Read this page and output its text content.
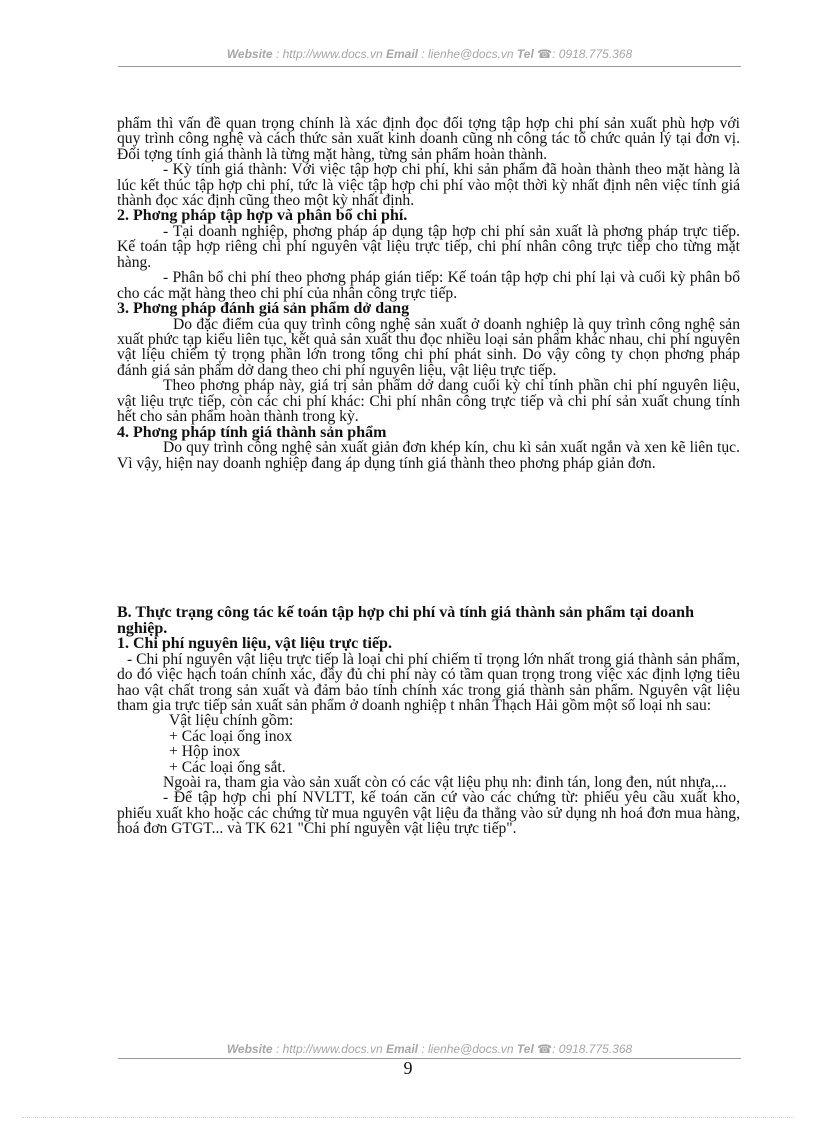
Website : http://www.docs.vn Email : lienhe@docs.vn Tel ☎: 0918.775.368

phẩm thì vấn đề quan trọng chính là xác định đọc đối tợng tập hợp chi phí sản xuất phù hợp với quy trình công nghệ và cách thức sản xuất kinh doanh cũng nh công tác tổ chức quản lý tại đơn vị. Đối tợng tính giá thành là từng mặt hàng, từng sản phẩm hoàn thành.

- Kỳ tính giá thành: Với việc tập hợp chi phí, khi sản phẩm đã hoàn thành theo mặt hàng là lúc kết thúc tập hợp chi phí, tức là việc tập hợp chi phí vào một thời kỳ nhất định nên việc tính giá thành đọc xác định cũng theo một kỳ nhất định.

2. Phơng pháp tập hợp và phân bổ chi phí.

- Tại doanh nghiệp, phơng pháp áp dụng tập hợp chi phí sản xuất là phơng pháp trực tiếp. Kế toán tập hợp riêng chi phí nguyên vật liệu trực tiếp, chi phí nhân công trực tiếp cho từng mặt hàng.

- Phân bổ chi phí theo phơng pháp gián tiếp: Kế toán tập hợp chi phí lại và cuối kỳ phân bổ cho các mặt hàng theo chi phí của nhân công trực tiếp.

3. Phơng pháp đánh giá sản phẩm dở dang

Do đặc điểm của quy trình công nghệ sản xuất ở doanh nghiệp là quy trình công nghệ sản xuất phức tạp kiểu liên tục, kết quả sản xuất thu đọc nhiều loại sản phẩm khác nhau, chi phí nguyên vật liệu chiếm tỷ trọng phần lớn trong tổng chi phí phát sinh. Do vậy công ty chọn phơng pháp đánh giá sản phẩm dở dang theo chi phí nguyên liệu, vật liệu trực tiếp.

Theo phơng pháp này, giá trị sản phẩm dở dang cuối kỳ chỉ tính phần chi phí nguyên liệu, vật liệu trực tiếp, còn các chi phí khác: Chi phí nhân công trực tiếp và chi phí sản xuất chung tính hết cho sản phẩm hoàn thành trong kỳ.

4. Phơng pháp tính giá thành sản phẩm

Do quy trình công nghệ sản xuất giản đơn khép kín, chu kì sản xuất ngắn và xen kẽ liên tục. Vì vậy, hiện nay doanh nghiệp đang áp dụng tính giá thành theo phơng pháp giản đơn.

B. Thực trạng công tác kế toán tập hợp chi phí và tính giá thành sản phẩm tại doanh nghiệp.

1. Chi phí nguyên liệu, vật liệu trực tiếp.

- Chi phí nguyên vật liệu trực tiếp là loại chi phí chiếm tỉ trọng lớn nhất trong giá thành sản phẩm, do đó việc hạch toán chính xác, đầy đủ chi phí này có tầm quan trọng trong việc xác định lợng tiêu hao vật chất trong sản xuất và đảm bảo tính chính xác trong giá thành sản phẩm. Nguyên vật liệu tham gia trực tiếp sản xuất sản phẩm ở doanh nghiệp t nhân Thạch Hải gồm một số loại nh sau:

Vật liệu chính gồm:

+ Các loại ống inox

+ Hộp inox

+ Các loại ống sắt.

Ngoài ra, tham gia vào sản xuất còn có các vật liệu phụ nh: đinh tán, long đen, nút nhựa,...

- Để tập hợp chi phí NVLTT, kế toán căn cứ vào các chứng từ: phiếu yêu cầu xuất kho, phiếu xuất kho hoặc các chứng từ mua nguyên vật liệu đa thẳng vào sử dụng nh hoá đơn mua hàng, hoá đơn GTGT... và TK 621 "Chi phí nguyên vật liệu trực tiếp".

Website : http://www.docs.vn Email : lienhe@docs.vn Tel ☎: 0918.775.368
9
